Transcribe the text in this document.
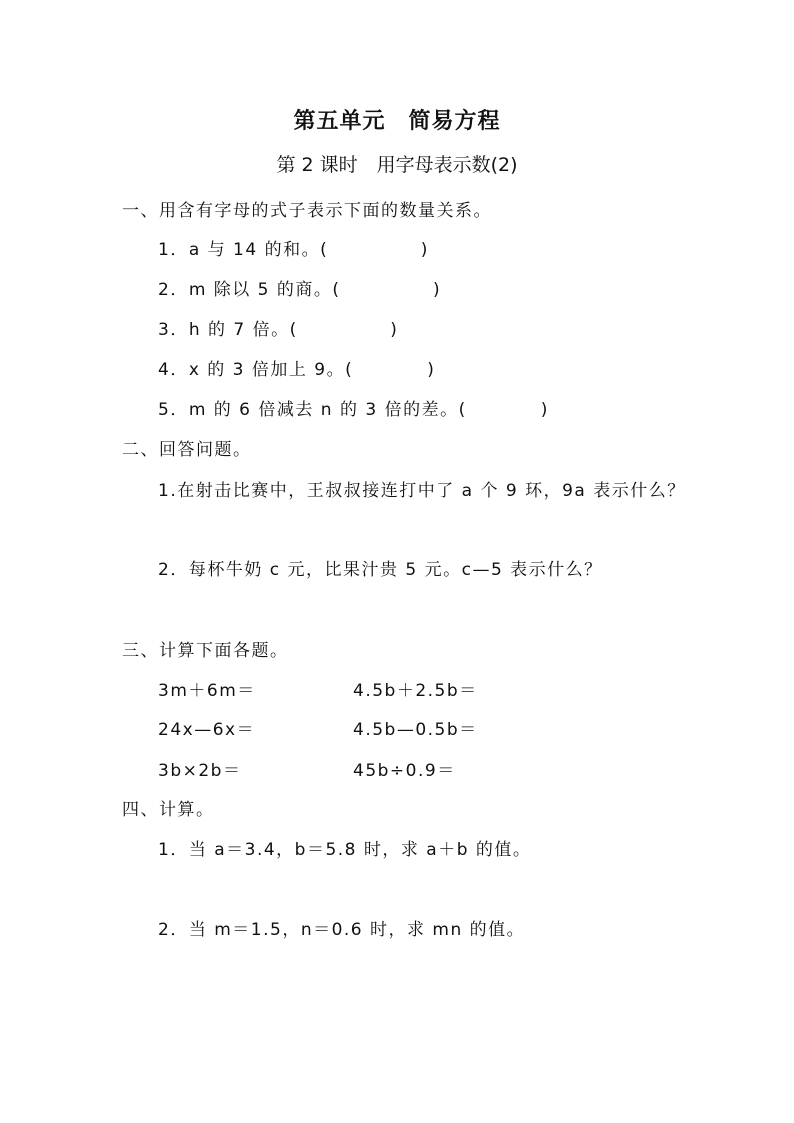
第五单元　简易方程
第 2 课时　用字母表示数(2)
一、用含有字母的式子表示下面的数量关系。
1．a 与 14 的和。(　　　　　)
2．m 除以 5 的商。(　　　　　)
3．h 的 7 倍。(　　　　　)
4．x 的 3 倍加上 9。(　　　　)
5．m 的 6 倍减去 n 的 3 倍的差。(　　　　)
二、回答问题。
1.在射击比赛中，王叔叔接连打中了 a 个 9 环，9a 表示什么？
2．每杯牛奶 c 元，比果汁贵 5 元。c—5 表示什么？
三、计算下面各题。
3m＋6m＝	4.5b＋2.5b＝
24x—6x＝	4.5b—0.5b＝
3b×2b＝	45b÷0.9＝
四、计算。
1．当 a＝3.4，b＝5.8 时，求 a＋b 的值。
2．当 m＝1.5，n＝0.6 时，求 mn 的值。
